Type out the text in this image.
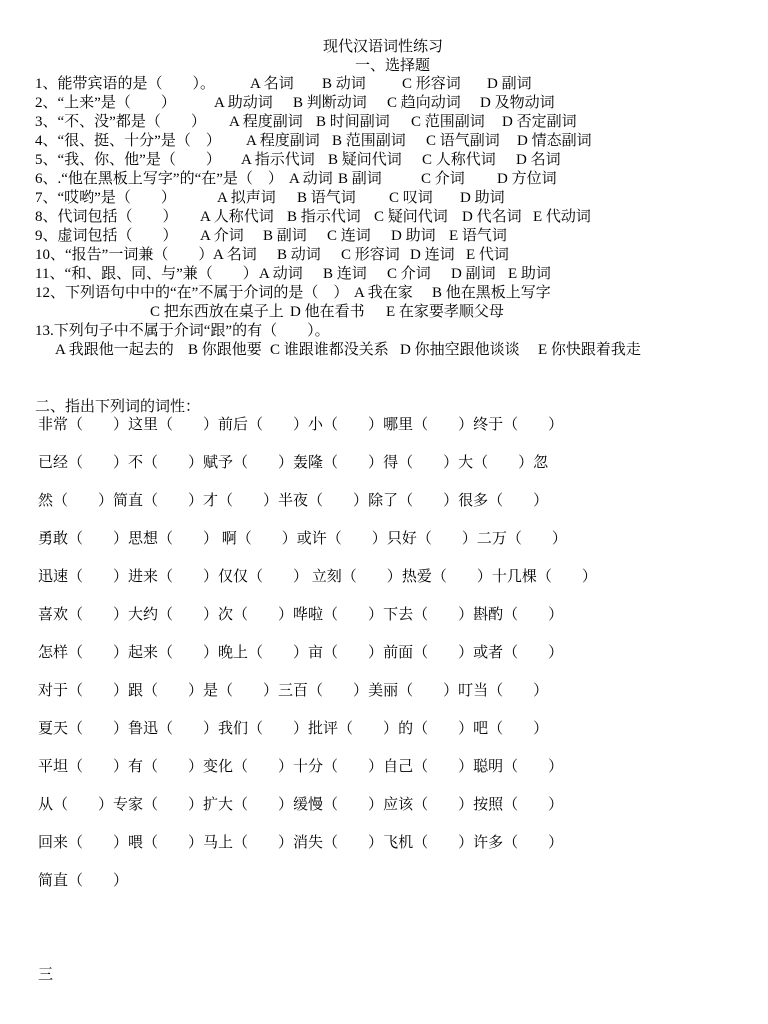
现代汉语词性练习
一、选择题
1、能带宾语的是（　　）。 A 名词 B 动词 C 形容词 D 副词
2、“上来”是（　　）	A 助动词 B 判断动词 C 趋向动词 D 及物动词
3、“不、没”都是（　　） A 程度副词 B 时间副词 C 范围副词 D 否定副词
4、“很、挺、十分”是（　） A 程度副词 B 范围副词 C 语气副词 D 情态副词
5、“我、你、他”是（　　） A 指示代词 B 疑问代词 C 人称代词 D 名词
6、.“他在黑板上写字”的“在”是（　） A 动词 B 副词	C 介词 D 方位词
7、“哎哟”是（　　）	A 拟声词 B 语气词 C 叹词 D 助词
8、代词包括（　　） A 人称代词 B 指示代词 C 疑问代词 D 代名词 E 代动词
9、虚词包括（　　） A 介词 B 副词 C 连词 D 助词 E 语气词
10、“报告”一词兼（　　） A 名词 B 动词 C 形容词 D 连词 E 代词
11、“和、跟、同、与”兼（　　） A 动词 B 连词 C 介词 D 副词 E 助词
12、下列语句中中的“在”不属于介词的是（　） A 我在家 B 他在黑板上写字
C 把东西放在桌子上 D 他在看书 E 在家要孝顺父母
13.下列句子中不属于介词“跟”的有（　　）。
A 我跟他一起去的 B 你跟他要 C 谁跟谁都没关系 D 你抽空跟他谈谈 E 你快跟着我走
二、指出下列词的词性：
非常（　　）这里（　　）前后（　　）小（　　）哪里（　　）终于（　　）
已经（　　）不（　　）赋予（　　）轰隆（　　）得（　　）大（　　）忽
然（　　）简直（　　）才（　　）半夜（　　）除了（　　）很多（　　）
勇敢（　　）思想（　　） 啊（　　）或许（　　）只好（　　）二万（　　）
迅速（　　）进来（　　）仅仅（　　） 立刻（　　）热爱（　　）十几棵（　　）
喜欢（　　）大约（　　）次（　　）哗啦（　　）下去（　　）斟酌（　　）
怎样（　　）起来（　　）晚上（　　）亩（　　）前面（　　）或者（　　）
对于（　　）跟（　　）是（　　）三百（　　）美丽（　　）叮当（　　）
夏天（　　）鲁迅（　　）我们（　　）批评（　　）的（　　）吧（　　）
平坦（　　）有（　　）变化（　　）十分（　　）自己（　　）聪明（　　）
从（　　）专家（　　）扩大（　　）缓慢（　　）应该（　　）按照（　　）
回来（　　）喂（　　）马上（　　）消失（　　）飞机（　　）许多（　　）
简直（　　）
三
